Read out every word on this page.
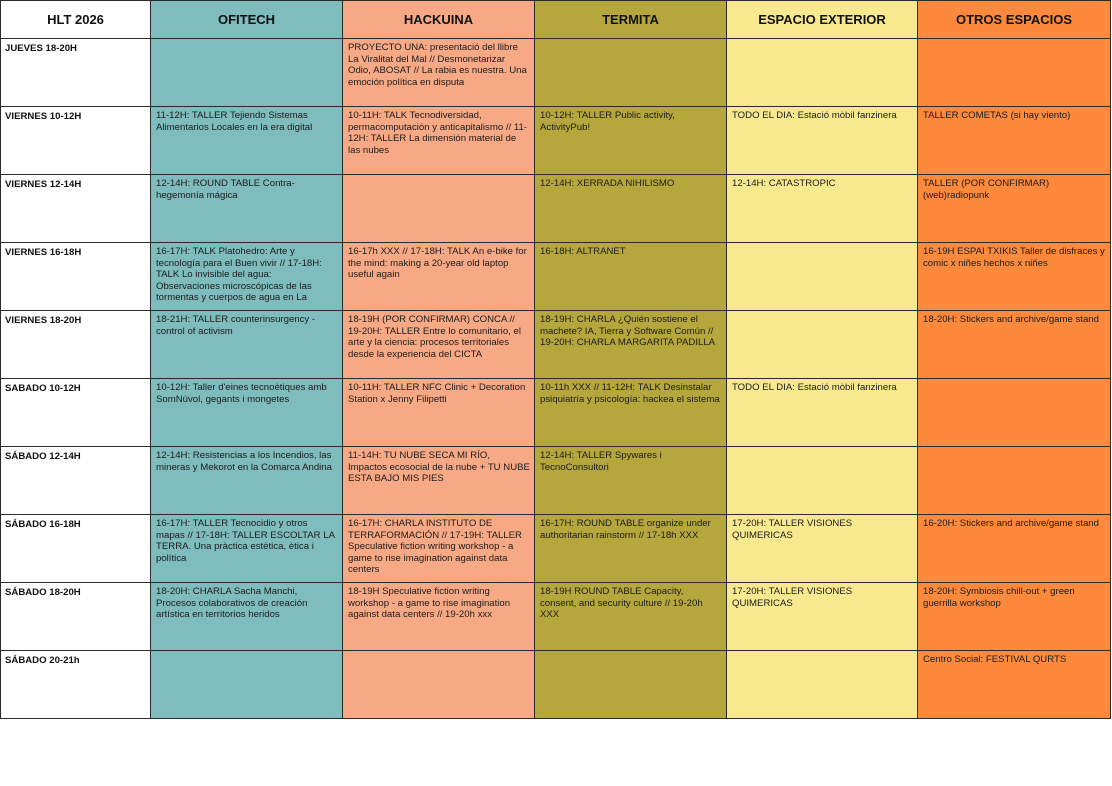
HLT 2026	OFITECH	HACKUINA	TERMITA	ESPACIO EXTERIOR	OTROS ESPACIOS

JUEVES 18-20H		PROYECTO UNA: presentació del llibre La Viralitat del Mal // Desmonetarizar Odio, ABOSAT // La rabia es nuestra. Una emoción política en disputa			

VIERNES 10-12H	11-12H: TALLER Tejiendo Sistemas Alimentarios Locales en la era digital	10-11H: TALK Tecnodiversidad, permacomputación y anticapitalismo // 11-12H: TALLER La dimensión material de las nubes	10-12H: TALLER Public activity, ActivityPub!	TODO EL DIA: Estació mòbil fanzinera	TALLER COMETAS (si hay viento)

VIERNES 12-14H	12-14H: ROUND TABLE Contra-hegemonía mágica		12-14H: XERRADA NIHILISMO	12-14H: CATASTROPIC	TALLER (POR CONFIRMAR) (web)radiopunk

VIERNES 16-18H	16-17H: TALK Platohedro: Arte y tecnología para el Buen vivir // 17-18H: TALK Lo invisible del agua: Observaciones microscópicas de las tormentas y cuerpos de agua en La	16-17h XXX // 17-18H: TALK An e-bike for the mind: making a 20-year old laptop useful again	16-18H: ALTRANET		16-19H ESPAI TXIKIS Taller de disfraces y comic x niñes hechos x niñes

VIERNES 18-20H	18-21H: TALLER counterinsurgency - control of activism	18-19H (POR CONFIRMAR) CONCA // 19-20H: TALLER Entre lo comunitario, el arte y la ciencia: procesos territoriales desde la experiencia del CICTA	18-19H: CHARLA ¿Quién sostiene el machete? IA, Tierra y Software Común // 19-20H: CHARLA MARGARITA PADILLA		18-20H: Stickers and archive/game stand

SABADO 10-12H	10-12H: Taller d'eines tecnoètiques amb SomNúvol, gegants i mongetes	10-11H: TALLER NFC Clinic + Decoration Station x Jenny Filipetti	10-11h XXX // 11-12H: TALK Desinstalar psiquiatría y psicología: hackea el sistema	TODO EL DIA: Estació mòbil fanzinera	

SÁBADO 12-14H	12-14H: Resistencias a los Incendios, las mineras y Mekorot en la Comarca Andina	11-14H: TU NUBE SECA MI RÍO, Impactos ecosocial de la nube + TU NUBE ESTA BAJO MIS PIES	12-14H: TALLER Spywares i TecnoConsultori		

SÁBADO 16-18H	16-17H: TALLER Tecnocidio y otros mapas // 17-18H: TALLER ESCOLTAR LA TERRA. Una pràctica estètica, ètica i política	16-17H: CHARLA INSTITUTO DE TERRAFORMACIÓN // 17-19H: TALLER Speculative fiction writing workshop - a game to rise imagination against data centers	16-17H: ROUND TABLE organize under authoritarian rainstorm // 17-18h XXX	17-20H: TALLER VISIONES QUIMERICAS	16-20H: Stickers and archive/game stand

SÁBADO 18-20H	18-20H: CHARLA Sacha Manchi, Procesos colaborativos de creación artística en territorios heridos	18-19H Speculative fiction writing workshop - a game to rise imagination against data centers // 19-20h xxx	18-19H ROUND TABLE Capacity, consent, and security culture // 19-20h XXX	17-20H: TALLER VISIONES QUIMERICAS	18-20H: Symbiosis chill-out + green guerrilla workshop

SÁBADO 20-21h					Centro Social: FESTIVAL QURTS
